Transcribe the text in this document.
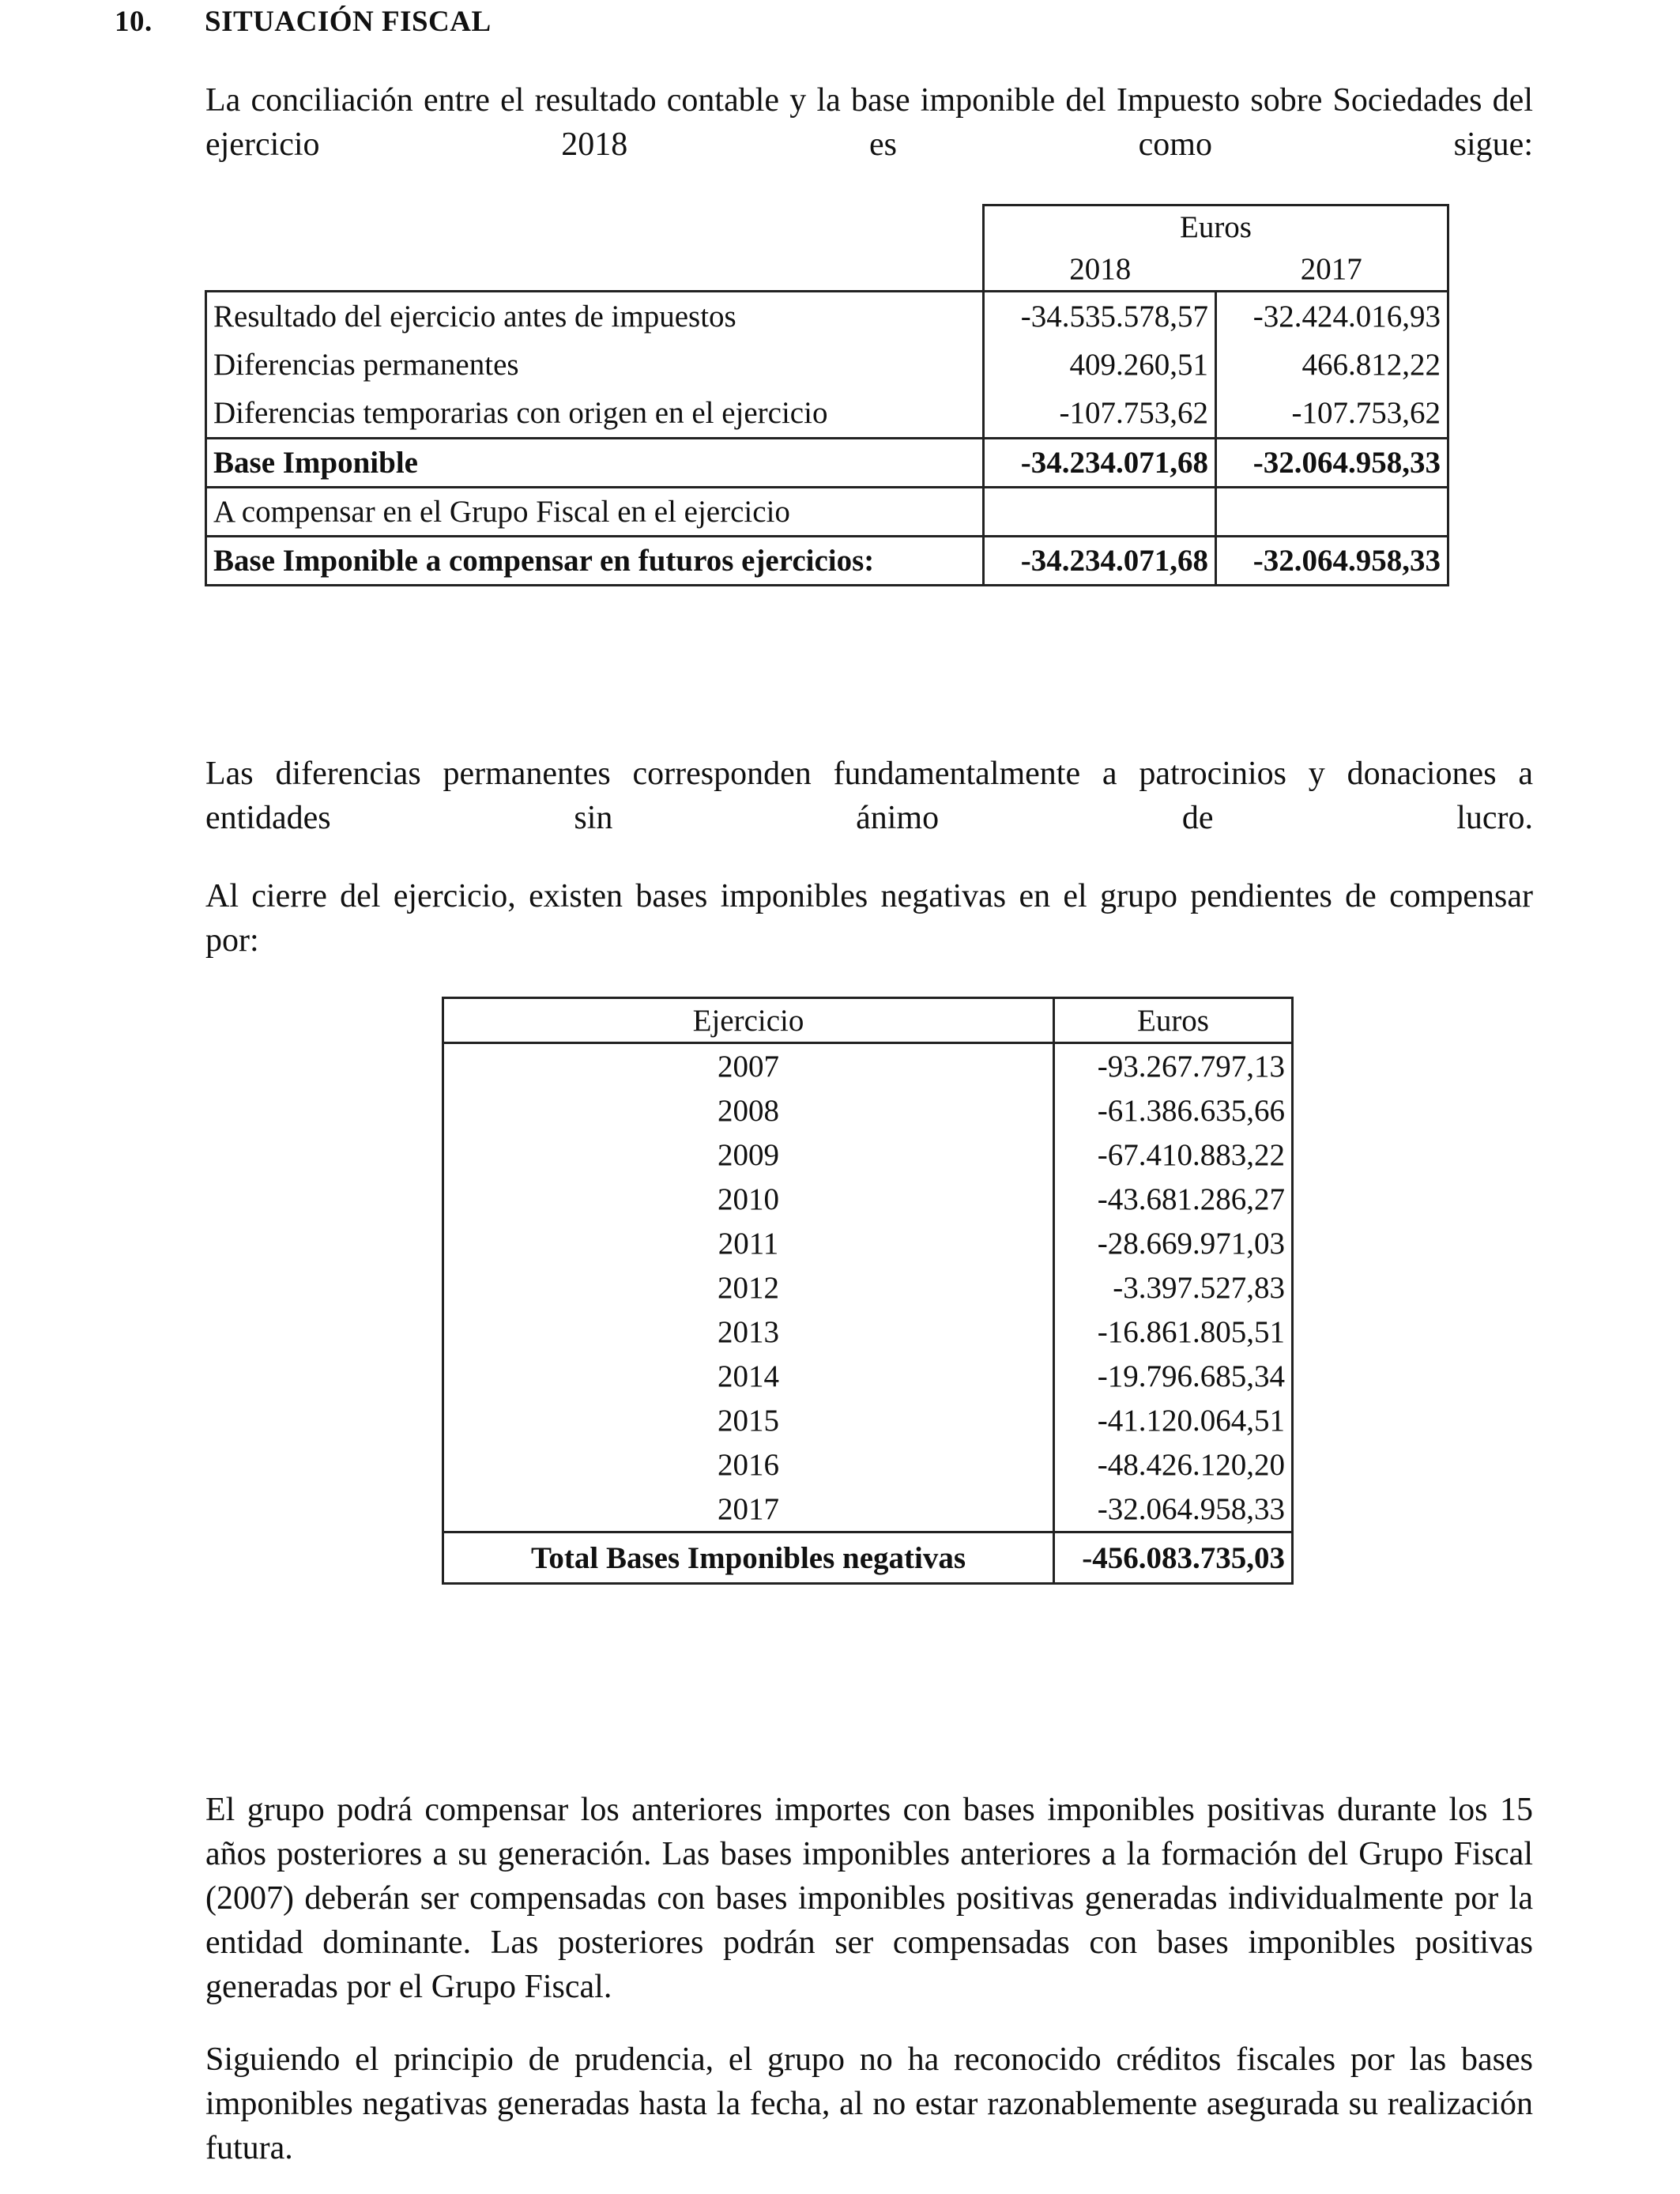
10. SITUACIÓN FISCAL

La conciliación entre el resultado contable y la base imponible del Impuesto sobre Sociedades del ejercicio 2018 es como sigue:

	Euros	
	2018	2017
Resultado del ejercicio antes de impuestos	-34.535.578,57	-32.424.016,93
Diferencias permanentes	409.260,51	466.812,22
Diferencias temporarias con origen en el ejercicio	-107.753,62	-107.753,62
Base Imponible	-34.234.071,68	-32.064.958,33
A compensar en el Grupo Fiscal en el ejercicio		
Base Imponible a compensar en futuros ejercicios:	-34.234.071,68	-32.064.958,33

Las diferencias permanentes corresponden fundamentalmente a patrocinios y donaciones a entidades sin ánimo de lucro.

Al cierre del ejercicio, existen bases imponibles negativas en el grupo pendientes de compensar por:

Ejercicio	Euros
2007	-93.267.797,13
2008	-61.386.635,66
2009	-67.410.883,22
2010	-43.681.286,27
2011	-28.669.971,03
2012	-3.397.527,83
2013	-16.861.805,51
2014	-19.796.685,34
2015	-41.120.064,51
2016	-48.426.120,20
2017	-32.064.958,33
Total Bases Imponibles negativas	-456.083.735,03

El grupo podrá compensar los anteriores importes con bases imponibles positivas durante los 15 años posteriores a su generación. Las bases imponibles anteriores a la formación del Grupo Fiscal (2007) deberán ser compensadas con bases imponibles positivas generadas individualmente por la entidad dominante. Las posteriores podrán ser compensadas con bases imponibles positivas generadas por el Grupo Fiscal.

Siguiendo el principio de prudencia, el grupo no ha reconocido créditos fiscales por las bases imponibles negativas generadas hasta la fecha, al no estar razonablemente asegurada su realización futura.
